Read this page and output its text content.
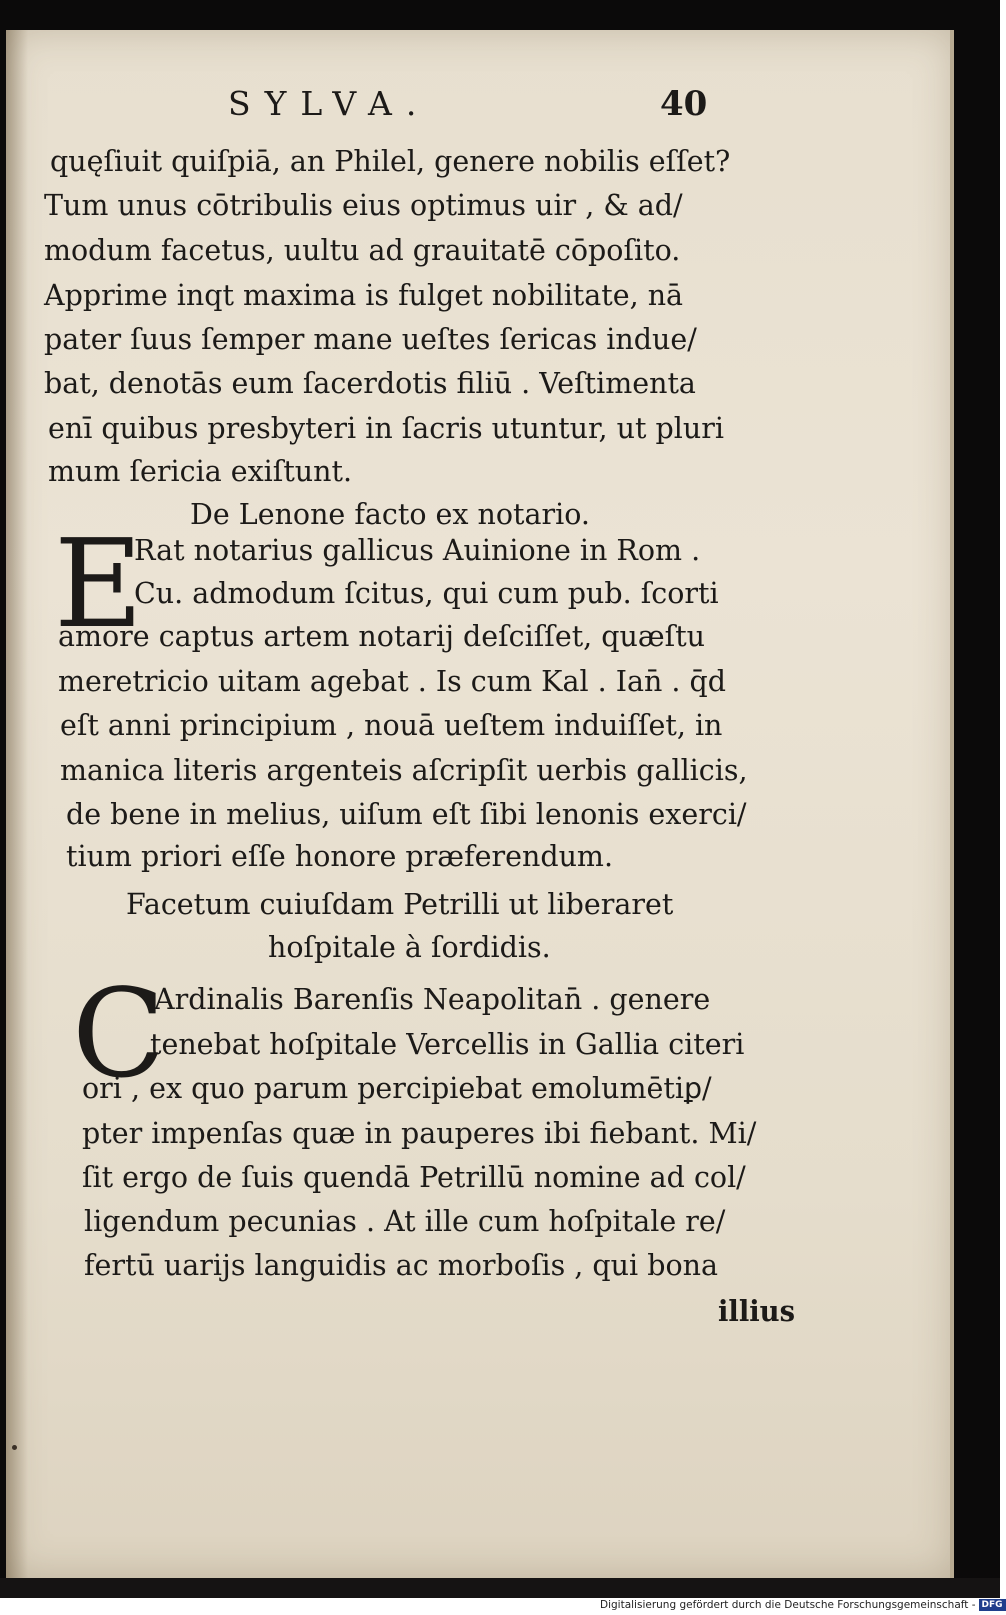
SYLVA.	40
quęſiuit quiſpiā, an Philel, genere nobilis eſſet?
Tum unus cōtribulis eius optimus uir , & ad/
modum facetus, uultu ad grauitatē cōpoſito.
Apprime inqt maxima is fulget nobilitate, nā
pater ſuus ſemper mane ueſtes ſericas indue/
bat, denotās eum ſacerdotis filiū . Veſtimenta
enī quibus presbyteri in ſacris utuntur, ut pluri
mum ſericia exiſtunt.
De Lenone facto ex notario.
E
Rat notarius gallicus Auinione in Rom .
Cu. admodum ſcitus, qui cum pub. ſcorti
amore captus artem notarij deſciſſet, quæſtu
meretricio uitam agebat . Is cum Kal . Ian̄ . q̄d
eſt anni principium , nouā ueſtem induiſſet, in
manica literis argenteis aſcripſit uerbis gallicis,
de bene in melius, uiſum eſt ſibi lenonis exerci/
tium priori eſſe honore præferendum.
Facetum cuiuſdam Petrilli ut liberaret
hoſpitale à ſordidis.
C
Ardinalis Barenſis Neapolitan̄ . genere
tenebat hoſpitale Vercellis in Gallia citeri
ori , ex quo parum percipiebat emolumētiꝑ/
pter impenſas quæ in pauperes ibi fiebant. Mi/
ſit ergo de ſuis quendā Petrillū nomine ad col/
ligendum pecunias . At ille cum hoſpitale re/
fertū uarijs languidis ac morboſis , qui bona
illius
Digitalisierung gefördert durch die Deutsche Forschungsgemeinschaft - DFG
